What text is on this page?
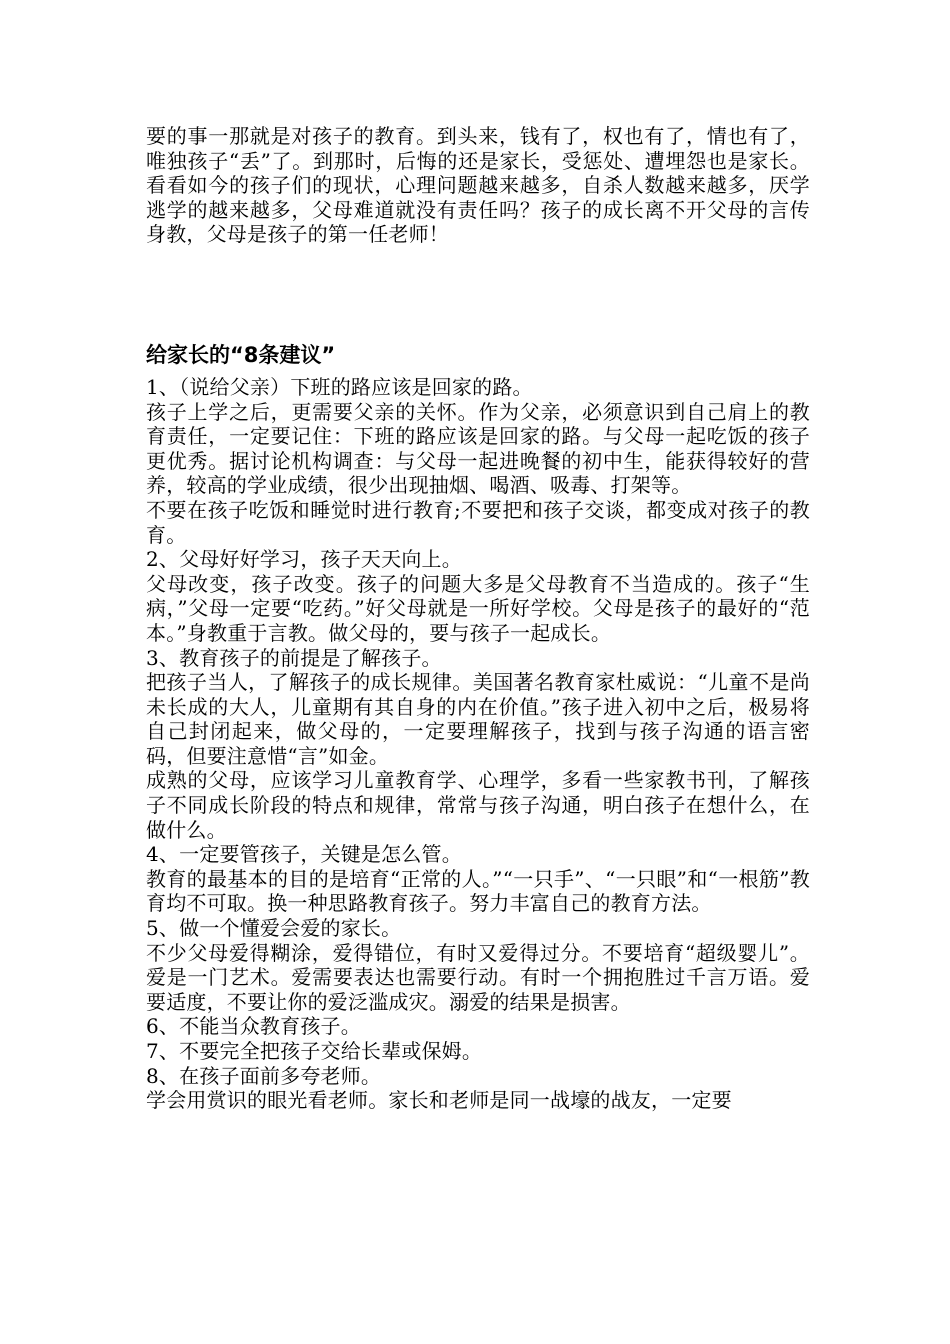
要的事一那就是对孩子的教育。到头来，钱有了，权也有了，情也有了，唯独孩子“丢”了。到那时，后悔的还是家长，受惩处、遭埋怨也是家长。看看如今的孩子们的现状，心理问题越来越多，自杀人数越来越多，厌学逃学的越来越多，父母难道就没有责任吗？孩子的成长离不开父母的言传身教，父母是孩子的第一任老师！

给家长的“8条建议”

1、（说给父亲）下班的路应该是回家的路。

孩子上学之后，更需要父亲的关怀。作为父亲，必须意识到自己肩上的教育责任，一定要记住：下班的路应该是回家的路。与父母一起吃饭的孩子更优秀。据讨论机构调查：与父母一起进晚餐的初中生，能获得较好的营养，较高的学业成绩，很少出现抽烟、喝酒、吸毒、打架等。

不要在孩子吃饭和睡觉时进行教育;不要把和孩子交谈，都变成对孩子的教育。

2、父母好好学习，孩子天天向上。

父母改变，孩子改变。孩子的问题大多是父母教育不当造成的。孩子“生病，”父母一定要“吃药。”好父母就是一所好学校。父母是孩子的最好的“范本。”身教重于言教。做父母的，要与孩子一起成长。

3、教育孩子的前提是了解孩子。

把孩子当人，了解孩子的成长规律。美国著名教育家杜威说：“儿童不是尚未长成的大人，儿童期有其自身的内在价值。”孩子进入初中之后，极易将自己封闭起来，做父母的，一定要理解孩子，找到与孩子沟通的语言密码，但要注意惜“言”如金。

成熟的父母，应该学习儿童教育学、心理学，多看一些家教书刊，了解孩子不同成长阶段的特点和规律，常常与孩子沟通，明白孩子在想什么，在做什么。

4、一定要管孩子，关键是怎么管。

教育的最基本的目的是培育“正常的人。”“一只手”、“一只眼”和“一根筋”教育均不可取。换一种思路教育孩子。努力丰富自己的教育方法。

5、做一个懂爱会爱的家长。

不少父母爱得糊涂，爱得错位，有时又爱得过分。不要培育“超级婴儿”。爱是一门艺术。爱需要表达也需要行动。有时一个拥抱胜过千言万语。爱要适度，不要让你的爱泛滥成灾。溺爱的结果是损害。

6、不能当众教育孩子。

7、不要完全把孩子交给长辈或保姆。

8、在孩子面前多夸老师。

学会用赏识的眼光看老师。家长和老师是同一战壕的战友，一定要
